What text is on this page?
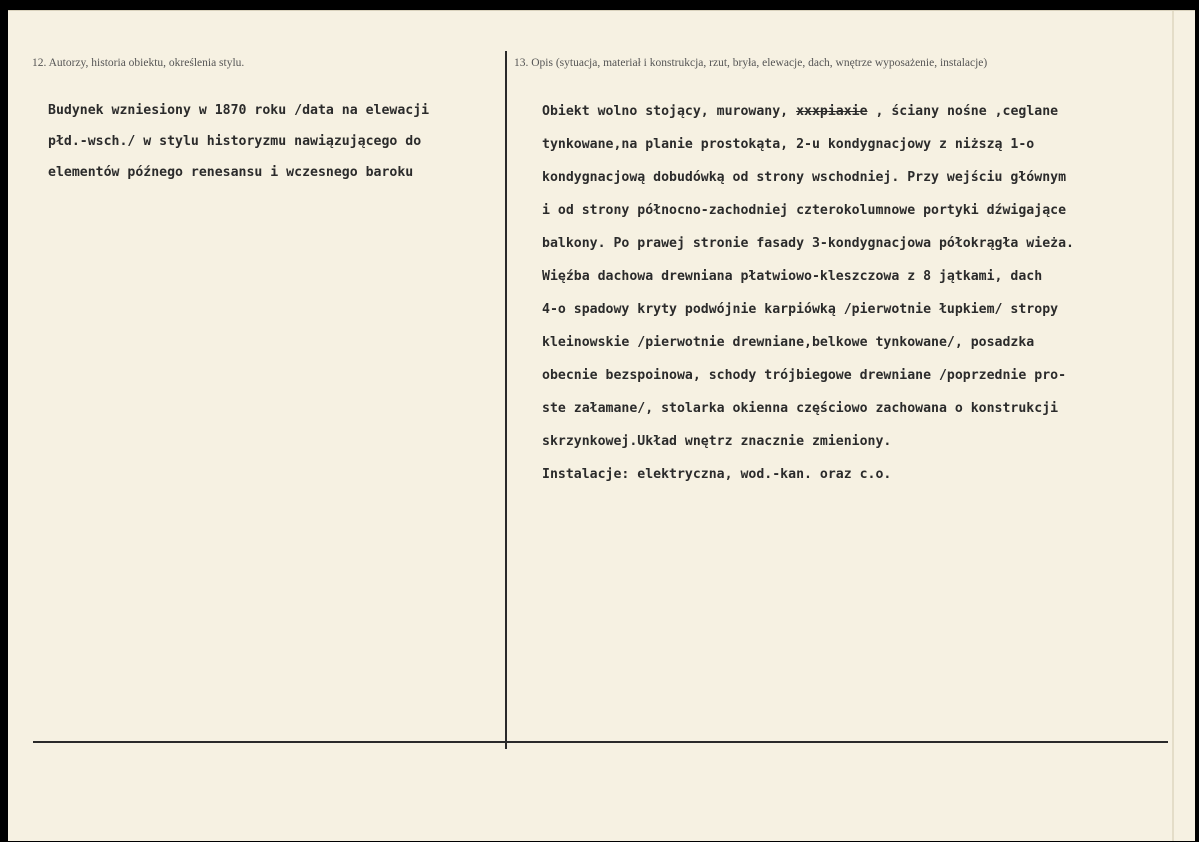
12. Autorzy, historia obiektu, określenia stylu.	13. Opis (sytuacja, materiał i konstrukcja, rzut, bryła, elewacje, dach, wnętrze wyposażenie, instalacje)

Budynek wzniesiony w 1870 roku /data na elewacji
płd.-wsch./ w stylu historyzmu nawiązującego do
elementów późnego renesansu i wczesnego baroku
Obiekt wolno stojący, murowany, xxxpiaxie , ściany nośne ,ceglane
tynkowane,na planie prostokąta, 2-u kondygnacjowy z niższą 1-o
kondygnacjową dobudówką od strony wschodniej. Przy wejściu głównym
i od strony północno-zachodniej czterokolumnowe portyki dźwigające
balkony. Po prawej stronie fasady 3-kondygnacjowa półokrągła wieża.
Więźba dachowa drewniana płatwiowo-kleszczowa z 8 jątkami, dach
4-o spadowy kryty podwójnie karpiówką /pierwotnie łupkiem/ stropy
kleinowskie /pierwotnie drewniane,belkowe tynkowane/, posadzka
obecnie bezspoinowa, schody trójbiegowe drewniane /poprzednie pro-
ste załamane/, stolarka okienna częściowo zachowana o konstrukcji
skrzynkowej.Układ wnętrz znacznie zmieniony.
Instalacje: elektryczna, wod.-kan. oraz c.o.
